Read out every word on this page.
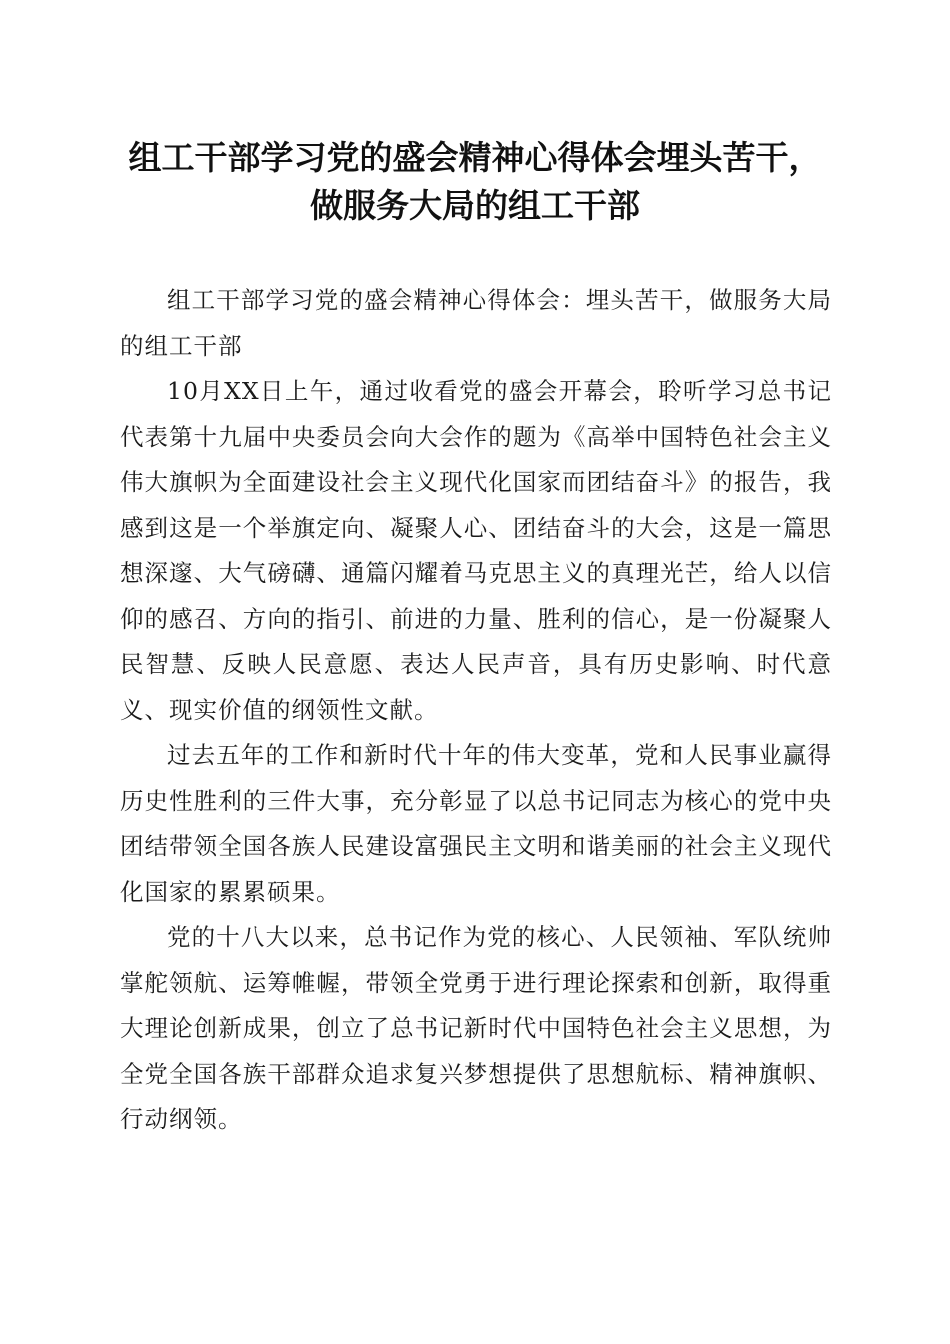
组工干部学习党的盛会精神心得体会埋头苦干，
做服务大局的组工干部

组工干部学习党的盛会精神心得体会：埋头苦干，做服务大局的组工干部

10月XX日上午，通过收看党的盛会开幕会，聆听学习总书记代表第十九届中央委员会向大会作的题为《高举中国特色社会主义伟大旗帜为全面建设社会主义现代化国家而团结奋斗》的报告，我感到这是一个举旗定向、凝聚人心、团结奋斗的大会，这是一篇思想深邃、大气磅礴、通篇闪耀着马克思主义的真理光芒，给人以信仰的感召、方向的指引、前进的力量、胜利的信心，是一份凝聚人民智慧、反映人民意愿、表达人民声音，具有历史影响、时代意义、现实价值的纲领性文献。

过去五年的工作和新时代十年的伟大变革，党和人民事业赢得历史性胜利的三件大事，充分彰显了以总书记同志为核心的党中央团结带领全国各族人民建设富强民主文明和谐美丽的社会主义现代化国家的累累硕果。

党的十八大以来，总书记作为党的核心、人民领袖、军队统帅掌舵领航、运筹帷幄，带领全党勇于进行理论探索和创新，取得重大理论创新成果，创立了总书记新时代中国特色社会主义思想，为全党全国各族干部群众追求复兴梦想提供了思想航标、精神旗帜、行动纲领。
